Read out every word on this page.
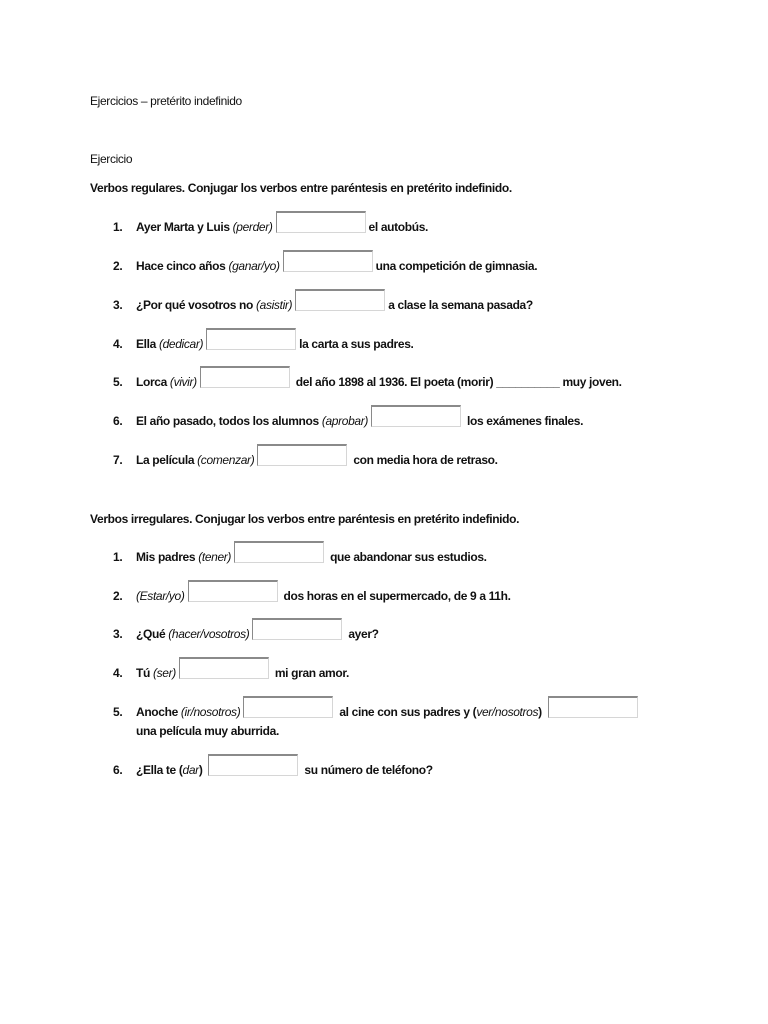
Ejercicios – pretérito indefinido
Ejercicio
Verbos regulares. Conjugar los verbos entre paréntesis en pretérito indefinido.
1. Ayer Marta y Luis (perder)	el autobús.
2. Hace cinco años (ganar/yo)	una competición de gimnasia.
3. ¿Por qué vosotros no (asistir)	a clase la semana pasada?
4. Ella (dedicar)	la carta a sus padres.
5. Lorca (vivir)	del año 1898 al 1936. El poeta (morir) __________ muy joven.
6. El año pasado, todos los alumnos (aprobar)	los exámenes finales.
7. La película (comenzar)	con media hora de retraso.
Verbos irregulares. Conjugar los verbos entre paréntesis en pretérito indefinido.
1. Mis padres (tener)	que abandonar sus estudios.
2. (Estar/yo)	dos horas en el supermercado, de 9 a 11h.
3. ¿Qué (hacer/vosotros)	ayer?
4. Tú (ser)	mi gran amor.
5. Anoche (ir/nosotros)	al cine con sus padres y (ver/nosotros)
una película muy aburrida.
6. ¿Ella te (dar)	su número de teléfono?
